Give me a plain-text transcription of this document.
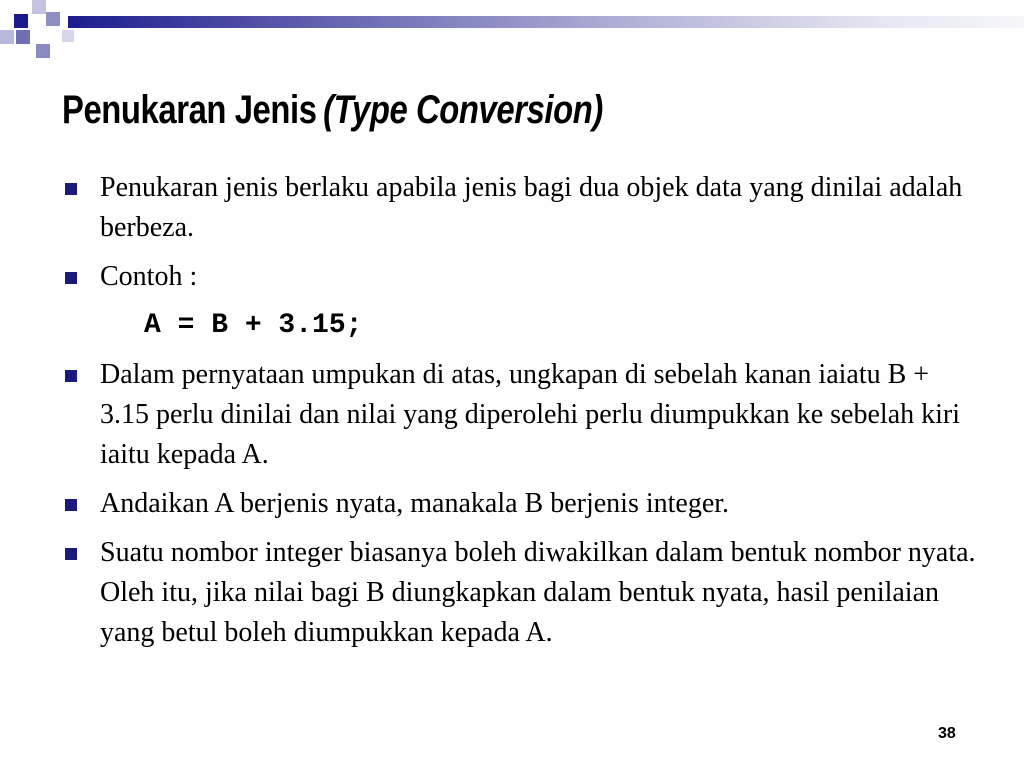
Penukaran Jenis (Type Conversion)
Penukaran jenis berlaku apabila jenis bagi dua objek data yang dinilai adalah berbeza.
Contoh :

A = B + 3.15;

Dalam pernyataan umpukan di atas, ungkapan di sebelah kanan iaiatu B + 3.15 perlu dinilai dan nilai yang diperolehi perlu diumpukkan ke sebelah kiri iaitu kepada A.
Andaikan A berjenis nyata, manakala B berjenis integer.
Suatu nombor integer biasanya boleh diwakilkan dalam bentuk nombor nyata. Oleh itu, jika nilai bagi B diungkapkan dalam bentuk nyata, hasil penilaian yang betul boleh diumpukkan kepada A.
38
